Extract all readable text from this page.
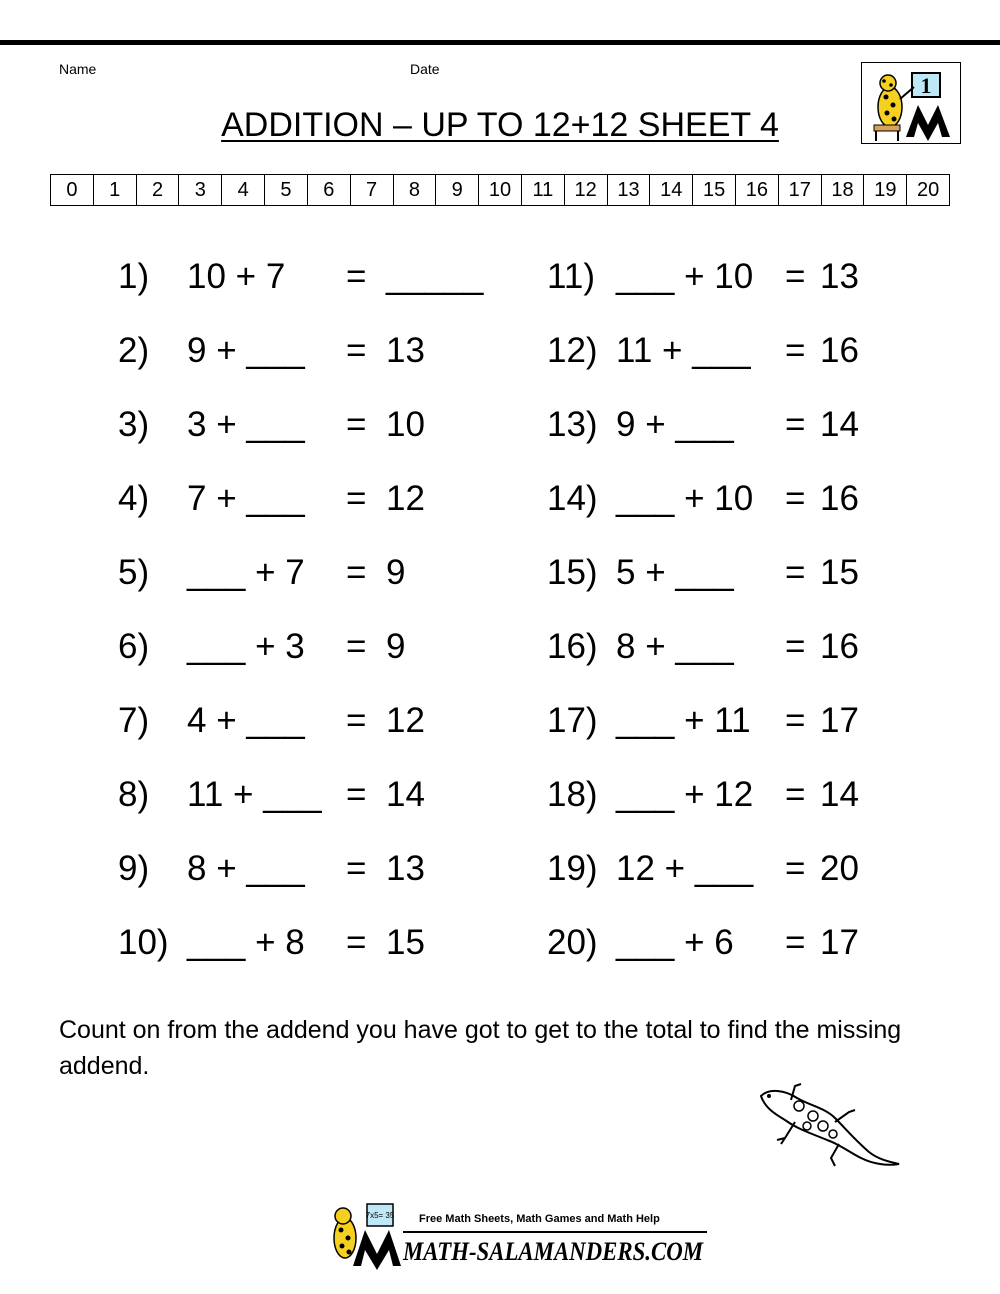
Name	Date
ADDITION – UP TO 12+12 SHEET 4
1
0	1	2	3	4	5	6	7	8	9	10	11	12	13	14	15	16	17	18	19	20
1) 10 + 7 = _____
2) 9 + ___ = 13
3) 3 + ___ = 10
4) 7 + ___ = 12
5) ___ + 7 = 9
6) ___ + 3 = 9
7) 4 + ___ = 12
8) 11 + ___ = 14
9) 8 + ___ = 13
10) ___ + 8 = 15
11) ___ + 10 = 13
12) 11 + ___ = 16
13) 9 + ___ = 14
14) ___ + 10 = 16
15) 5 + ___ = 15
16) 8 + ___ = 16
17) ___ + 11 = 17
18) ___ + 12 = 14
19) 12 + ___ = 20
20) ___ + 6 = 17
Count on from the addend you have got to get to the total to find the missing addend.
7x5= 35 Free Math Sheets, Math Games and Math Help
MATH-SALAMANDERS.COM
